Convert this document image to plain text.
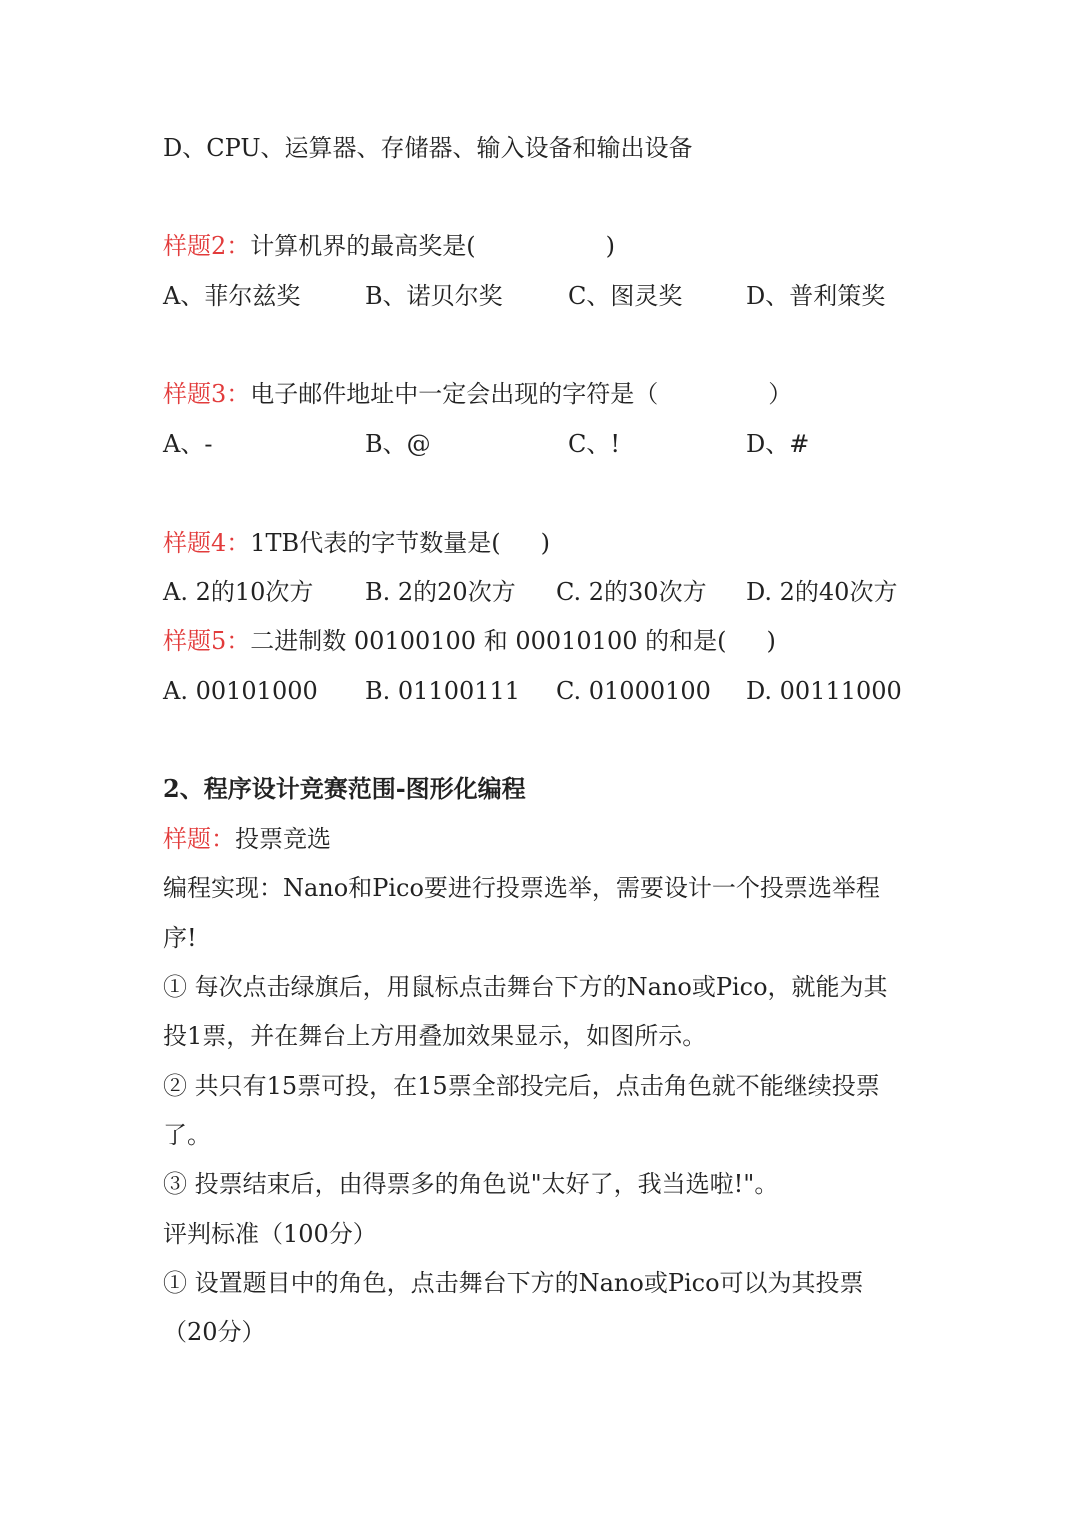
D、CPU、运算器、存储器、输入设备和输出设备
样题2：计算机界的最高奖是(	)
A、菲尔兹奖	B、诺贝尔奖	C、图灵奖	D、普利策奖
样题3：电子邮件地址中一定会出现的字符是（	）
A、-	B、@	C、!	D、#
样题4：1TB代表的字节数量是( )
A. 2的10次方 B. 2的20次方 C. 2的30次方 D. 2的40次方
样题5：二进制数 00100100 和 00010100 的和是( )
A. 00101000 B. 01100111 C. 01000100 D. 00111000
2、程序设计竞赛范围-图形化编程
样题：投票竞选
编程实现：Nano和Pico要进行投票选举，需要设计一个投票选举程
序!
① 每次点击绿旗后，用鼠标点击舞台下方的Nano或Pico，就能为其
投1票，并在舞台上方用叠加效果显示，如图所示。
② 共只有15票可投，在15票全部投完后，点击角色就不能继续投票
了。
③ 投票结束后，由得票多的角色说"太好了，我当选啦!"。
评判标准（100分）
① 设置题目中的角色，点击舞台下方的Nano或Pico可以为其投票
（20分）
